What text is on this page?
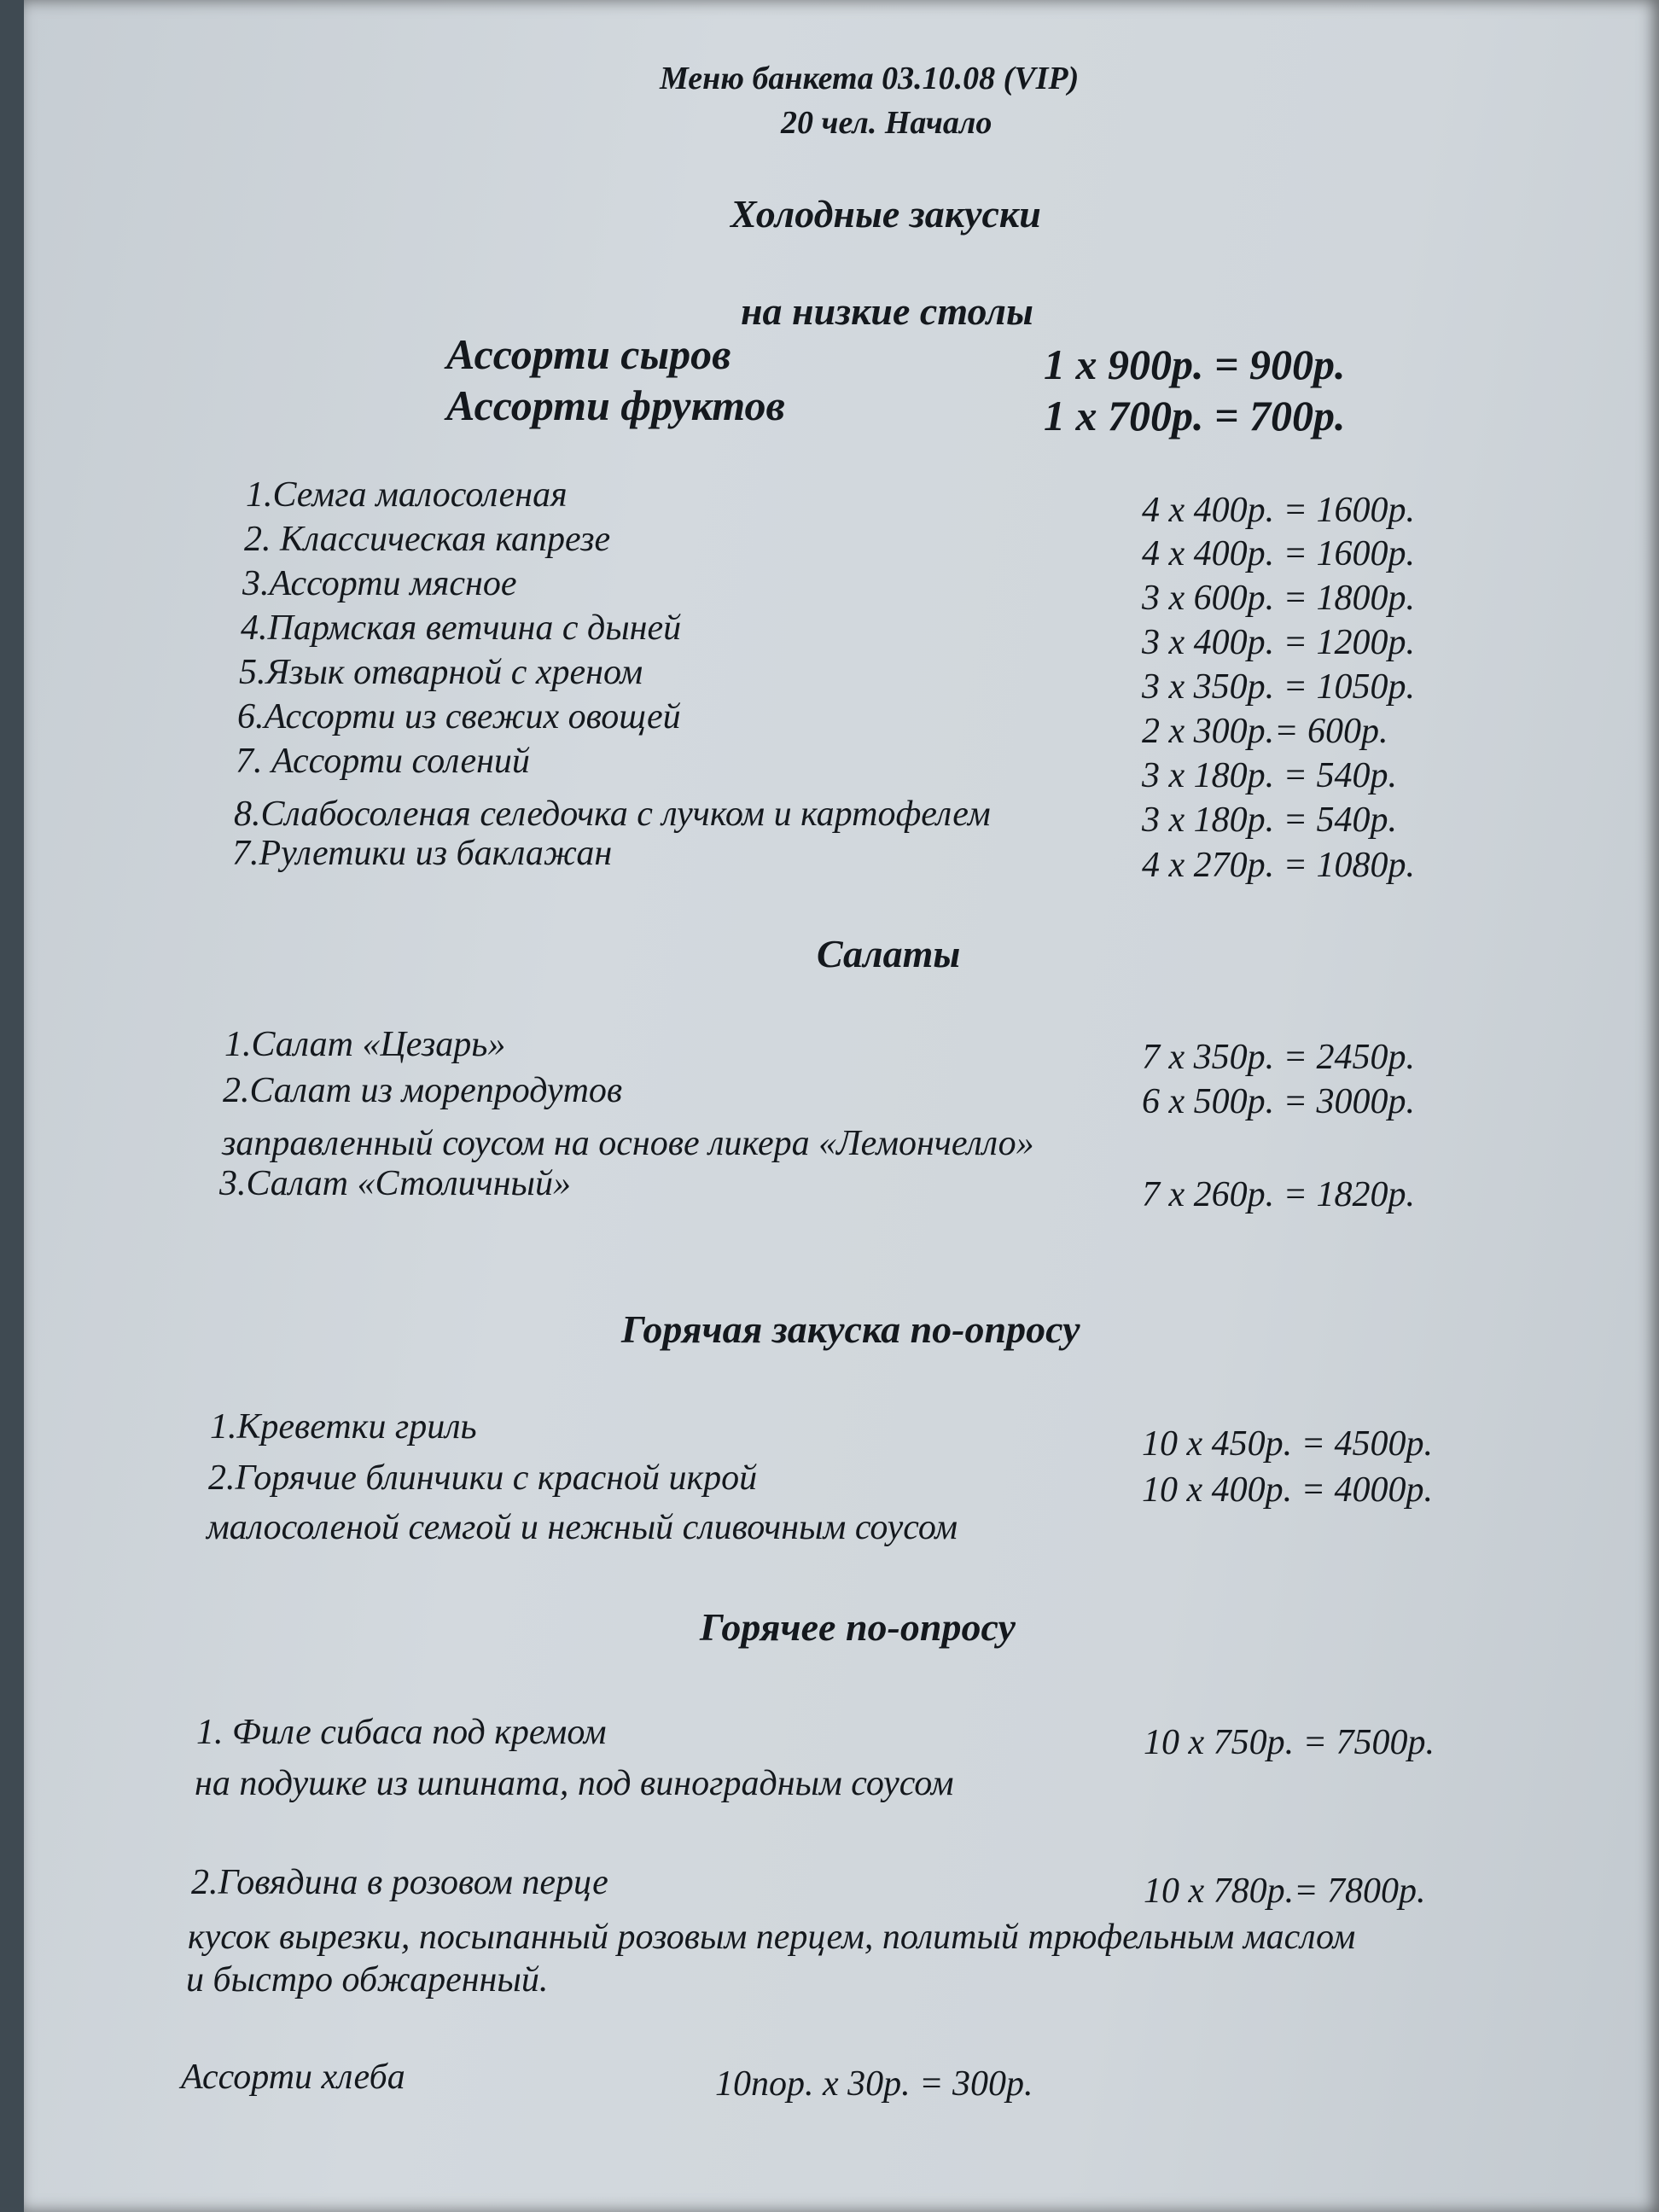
Меню банкета 03.10.08 (VIP)
20 чел. Начало
Холодные закуски
на низкие столы
Ассорти сыров	1 х 900р. = 900р.
Ассорти фруктов	1 х 700р. = 700р.
1.Семга малосоленая	4 х 400р. = 1600р.
2. Классическая капрезе	4 х 400р. = 1600р.
3.Ассорти мясное	3 х 600р. = 1800р.
4.Пармская ветчина с дыней	3 х 400р. = 1200р.
5.Язык отварной с хреном	3 х 350р. = 1050р.
6.Ассорти из свежих овощей	2 х 300р.= 600р.
7. Ассорти солений	3 х 180р. = 540р.
8.Слабосоленая селедочка с лучком и картофелем	3 х 180р. = 540р.
7.Рулетики из баклажан	4 х 270р. = 1080р.
Салаты
1.Салат «Цезарь»	7 х 350р. = 2450р.
2.Салат из морепродутов	6 х 500р. = 3000р.
заправленный соусом на основе ликера «Лемончелло»
3.Салат «Столичный»	7 х 260р. = 1820р.
Горячая закуска по-опросу
1.Креветки гриль	10 х 450р. = 4500р.
2.Горячие блинчики с красной икрой	10 х 400р. = 4000р.
малосоленой семгой и нежный сливочным соусом
Горячее по-опросу
1. Филе сибаса под кремом	10 х 750р. = 7500р.
на подушке из шпината, под виноградным соусом
2.Говядина в розовом перце	10 х 780р.= 7800р.
кусок вырезки, посыпанный розовым перцем, политый трюфельным маслом
и быстро обжаренный.
Ассорти хлеба	10пор. х 30р. = 300р.
